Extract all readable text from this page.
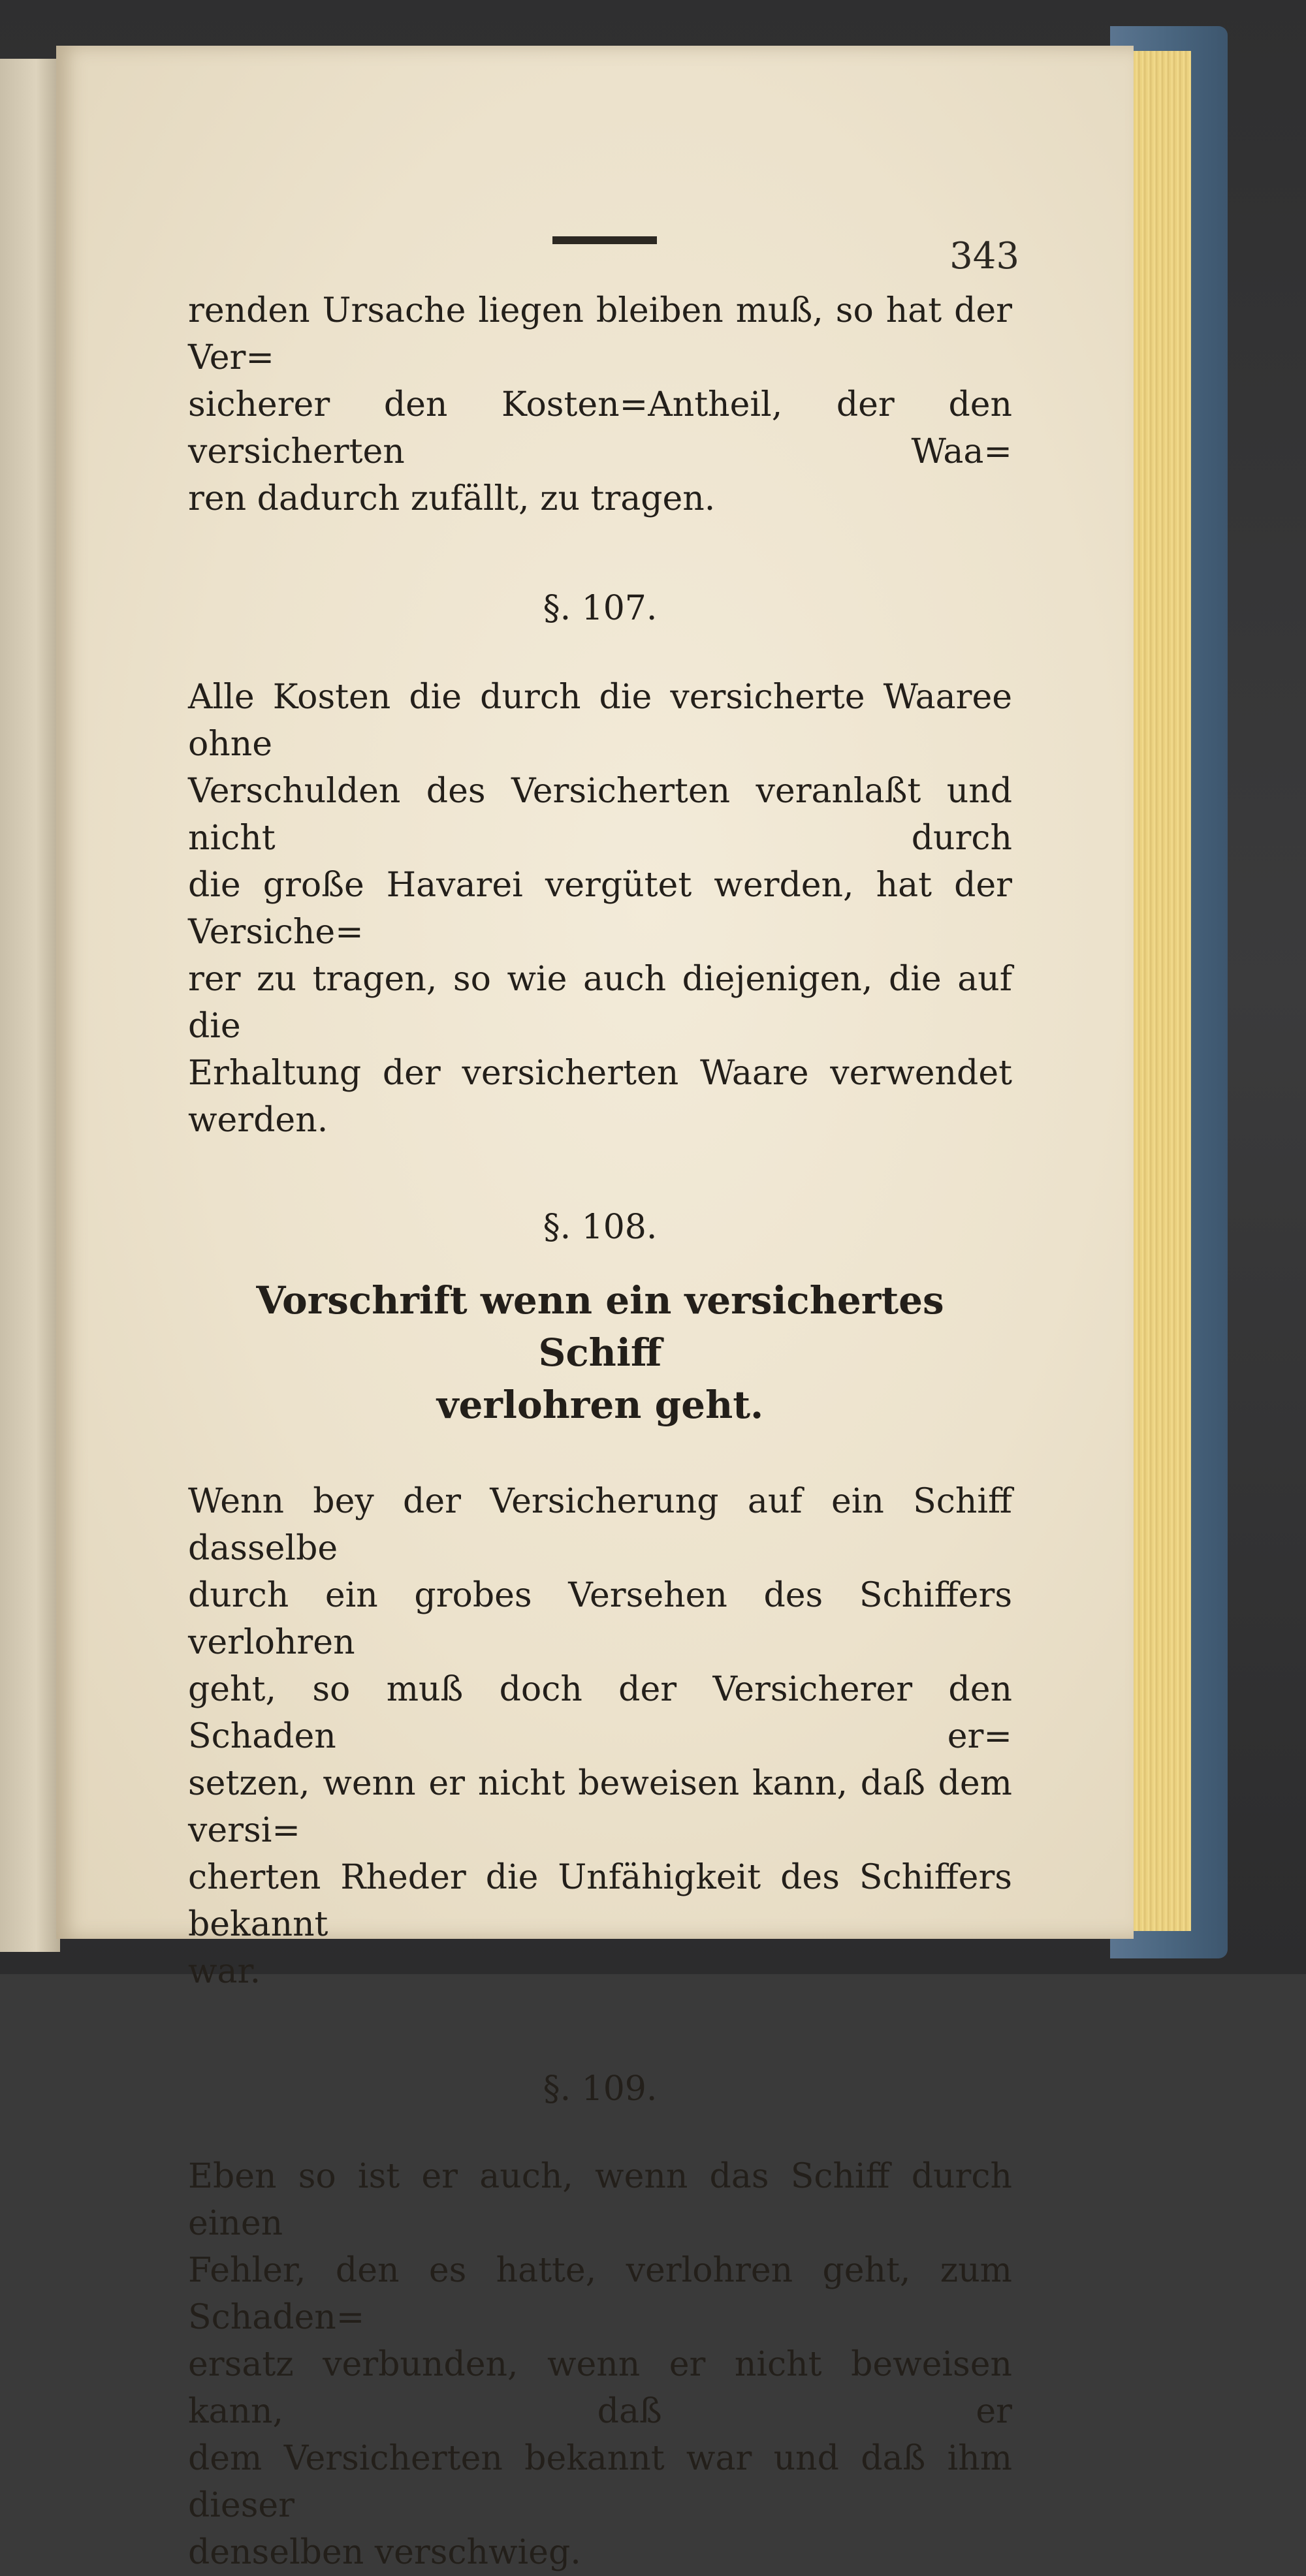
343

renden Ursache liegen bleiben muß, so hat der Ver=
sicherer den Kosten=Antheil, der den versicherten Waa=
ren dadurch zufällt, zu tragen.

§. 107.

Alle Kosten die durch die versicherte Waaree ohne
Verschulden des Versicherten veranlaßt und nicht durch
die große Havarei vergütet werden, hat der Versiche=
rer zu tragen, so wie auch diejenigen, die auf die
Erhaltung der versicherten Waare verwendet werden.

§. 108.

Vorschrift wenn ein versichertes Schiff
verlohren geht.

Wenn bey der Versicherung auf ein Schiff dasselbe
durch ein grobes Versehen des Schiffers verlohren
geht, so muß doch der Versicherer den Schaden er=
setzen, wenn er nicht beweisen kann, daß dem versi=
cherten Rheder die Unfähigkeit des Schiffers bekannt
war.

§. 109.

Eben so ist er auch, wenn das Schiff durch einen
Fehler, den es hatte, verlohren geht, zum Schaden=
ersatz verbunden, wenn er nicht beweisen kann, daß er
dem Versicherten bekannt war und daß ihm dieser
denselben verschwieg.
